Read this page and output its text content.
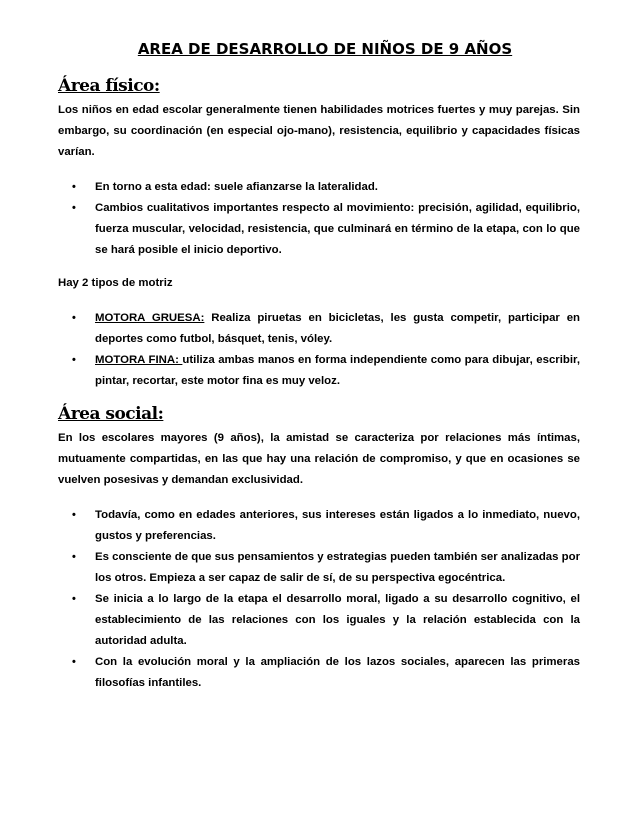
AREA DE DESARROLLO DE NIÑOS DE 9 AÑOS
Área físico:

Los niños en edad escolar generalmente tienen habilidades motrices fuertes y muy parejas. Sin embargo, su coordinación (en especial ojo-mano), resistencia, equilibrio y capacidades físicas varían.

•	En torno a esta edad: suele afianzarse la lateralidad.
•	Cambios cualitativos importantes respecto al movimiento: precisión, agilidad, equilibrio, fuerza muscular, velocidad, resistencia, que culminará en término de la etapa, con lo que se hará posible el inicio deportivo.

Hay 2 tipos de motriz

•	MOTORA GRUESA: Realiza piruetas en bicicletas, les gusta competir, participar en deportes como futbol, básquet, tenis, vóley.
•	MOTORA FINA: utiliza ambas manos en forma independiente como para dibujar, escribir, pintar, recortar, este motor fina es muy veloz.
Área social:

En los escolares mayores (9 años), la amistad se caracteriza por relaciones más íntimas, mutuamente compartidas, en las que hay una relación de compromiso, y que en ocasiones se vuelven posesivas y demandan exclusividad.

•	Todavía, como en edades anteriores, sus intereses están ligados a lo inmediato, nuevo, gustos y preferencias.
•	Es consciente de que sus pensamientos y estrategias pueden también ser analizadas por los otros. Empieza a ser capaz de salir de sí, de su perspectiva egocéntrica.
•	Se inicia a lo largo de la etapa el desarrollo moral, ligado a su desarrollo cognitivo, el establecimiento de las relaciones con los iguales y la relación establecida con la autoridad adulta.
•	Con la evolución moral y la ampliación de los lazos sociales, aparecen las primeras filosofías infantiles.
